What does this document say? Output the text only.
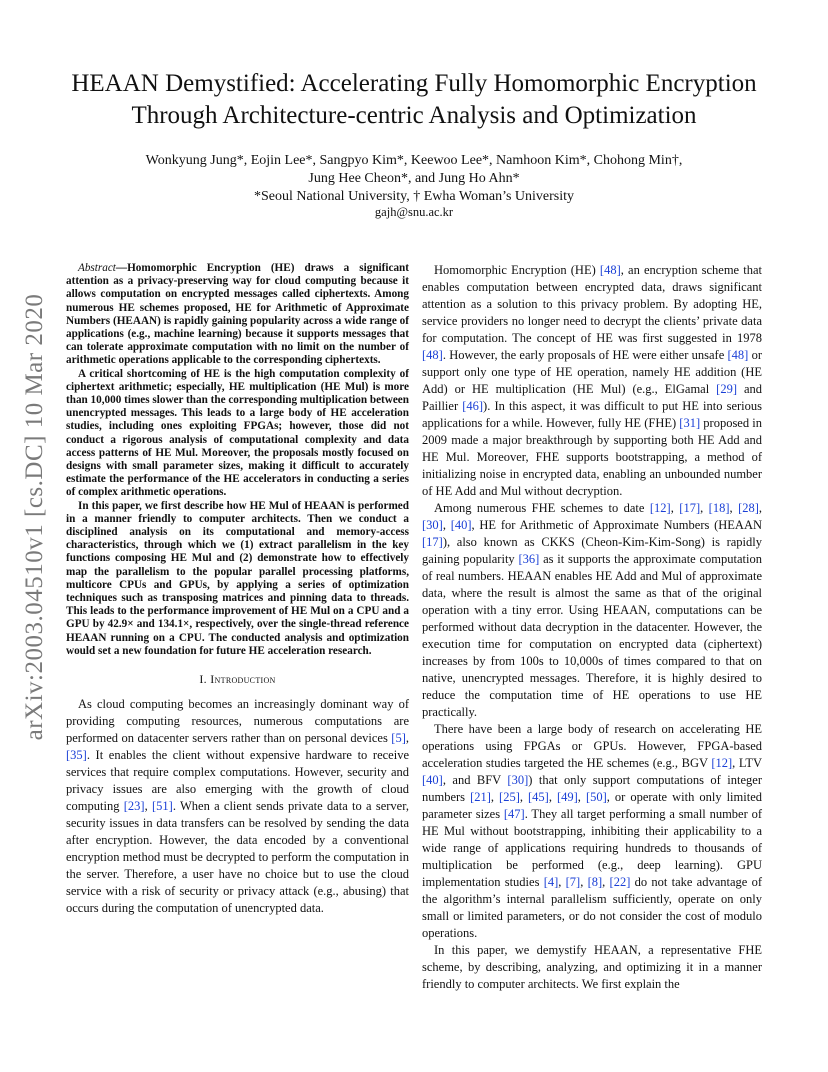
arXiv:2003.04510v1 [cs.DC] 10 Mar 2020
HEAAN Demystified: Accelerating Fully Homomorphic Encryption
Through Architecture-centric Analysis and Optimization
Wonkyung Jung*, Eojin Lee*, Sangpyo Kim*, Keewoo Lee*, Namhoon Kim*, Chohong Min†,
Jung Hee Cheon*, and Jung Ho Ahn*
*Seoul National University, † Ewha Woman’s University
gajh@snu.ac.kr

Abstract—Homomorphic Encryption (HE) draws a significant attention as a privacy-preserving way for cloud computing because it allows computation on encrypted messages called ciphertexts. Among numerous HE schemes proposed, HE for Arithmetic of Approximate Numbers (HEAAN) is rapidly gaining popularity across a wide range of applications (e.g., machine learning) because it supports messages that can tolerate approximate computation with no limit on the number of arithmetic operations applicable to the corresponding ciphertexts.

A critical shortcoming of HE is the high computation complexity of ciphertext arithmetic; especially, HE multiplication (HE Mul) is more than 10,000 times slower than the corresponding multiplication between unencrypted messages. This leads to a large body of HE acceleration studies, including ones exploiting FPGAs; however, those did not conduct a rigorous analysis of computational complexity and data access patterns of HE Mul. Moreover, the proposals mostly focused on designs with small parameter sizes, making it difficult to accurately estimate the performance of the HE accelerators in conducting a series of complex arithmetic operations.

In this paper, we first describe how HE Mul of HEAAN is performed in a manner friendly to computer architects. Then we conduct a disciplined analysis on its computational and memory-access characteristics, through which we (1) extract parallelism in the key functions composing HE Mul and (2) demonstrate how to effectively map the parallelism to the popular parallel processing platforms, multicore CPUs and GPUs, by applying a series of optimization techniques such as transposing matrices and pinning data to threads. This leads to the performance improvement of HE Mul on a CPU and a GPU by 42.9× and 134.1×, respectively, over the single-thread reference HEAAN running on a CPU. The conducted analysis and optimization would set a new foundation for future HE acceleration research.

I. Introduction

As cloud computing becomes an increasingly dominant way of providing computing resources, numerous computations are performed on datacenter servers rather than on personal devices [5], [35]. It enables the client without expensive hardware to receive services that require complex computations. However, security and privacy issues are also emerging with the growth of cloud computing [23], [51]. When a client sends private data to a server, security issues in data transfers can be resolved by sending the data after encryption. However, the data encoded by a conventional encryption method must be decrypted to perform the computation in the server. Therefore, a user have no choice but to use the cloud service with a risk of security or privacy attack (e.g., abusing) that occurs during the computation of unencrypted data.

Homomorphic Encryption (HE) [48], an encryption scheme that enables computation between encrypted data, draws significant attention as a solution to this privacy problem. By adopting HE, service providers no longer need to decrypt the clients’ private data for computation. The concept of HE was first suggested in 1978 [48]. However, the early proposals of HE were either unsafe [48] or support only one type of HE operation, namely HE addition (HE Add) or HE multiplication (HE Mul) (e.g., ElGamal [29] and Paillier [46]). In this aspect, it was difficult to put HE into serious applications for a while. However, fully HE (FHE) [31] proposed in 2009 made a major breakthrough by supporting both HE Add and HE Mul. Moreover, FHE supports bootstrapping, a method of initializing noise in encrypted data, enabling an unbounded number of HE Add and Mul without decryption.

Among numerous FHE schemes to date [12], [17], [18], [28], [30], [40], HE for Arithmetic of Approximate Numbers (HEAAN [17]), also known as CKKS (Cheon-Kim-Kim-Song) is rapidly gaining popularity [36] as it supports the approximate computation of real numbers. HEAAN enables HE Add and Mul of approximate data, where the result is almost the same as that of the original operation with a tiny error. Using HEAAN, computations can be performed without data decryption in the datacenter. However, the execution time for computation on encrypted data (ciphertext) increases by from 100s to 10,000s of times compared to that on native, unencrypted messages. Therefore, it is highly desired to reduce the computation time of HE operations to use HE practically.

There have been a large body of research on accelerating HE operations using FPGAs or GPUs. However, FPGA-based acceleration studies targeted the HE schemes (e.g., BGV [12], LTV [40], and BFV [30]) that only support computations of integer numbers [21], [25], [45], [49], [50], or operate with only limited parameter sizes [47]. They all target performing a small number of HE Mul without bootstrapping, inhibiting their applicability to a wide range of applications requiring hundreds to thousands of multiplication be performed (e.g., deep learning). GPU implementation studies [4], [7], [8], [22] do not take advantage of the algorithm’s internal parallelism sufficiently, operate on only small or limited parameters, or do not consider the cost of modulo operations.

In this paper, we demystify HEAAN, a representative FHE scheme, by describing, analyzing, and optimizing it in a manner friendly to computer architects. We first explain the
